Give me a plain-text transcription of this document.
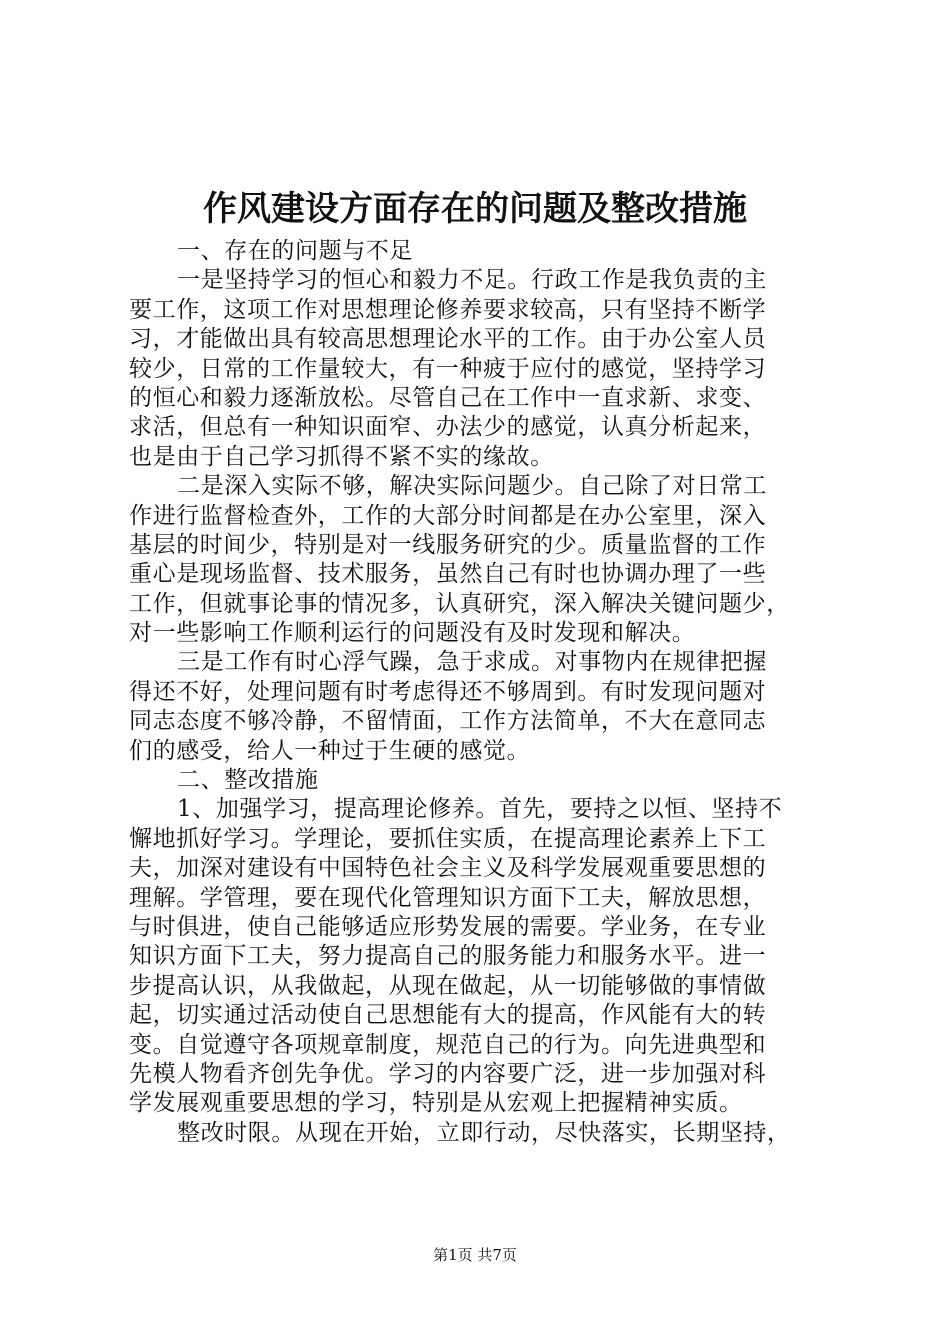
作风建设方面存在的问题及整改措施
一、存在的问题与不足
一是坚持学习的恒心和毅力不足。行政工作是我负责的主
要工作，这项工作对思想理论修养要求较高，只有坚持不断学
习，才能做出具有较高思想理论水平的工作。由于办公室人员
较少，日常的工作量较大，有一种疲于应付的感觉，坚持学习
的恒心和毅力逐渐放松。尽管自己在工作中一直求新、求变、
求活，但总有一种知识面窄、办法少的感觉，认真分析起来，
也是由于自己学习抓得不紧不实的缘故。
二是深入实际不够，解决实际问题少。自己除了对日常工
作进行监督检查外，工作的大部分时间都是在办公室里，深入
基层的时间少，特别是对一线服务研究的少。质量监督的工作
重心是现场监督、技术服务，虽然自己有时也协调办理了一些
工作，但就事论事的情况多，认真研究，深入解决关键问题少，
对一些影响工作顺利运行的问题没有及时发现和解决。
三是工作有时心浮气躁，急于求成。对事物内在规律把握
得还不好，处理问题有时考虑得还不够周到。有时发现问题对
同志态度不够冷静，不留情面，工作方法简单，不大在意同志
们的感受，给人一种过于生硬的感觉。
二、整改措施
1、加强学习，提高理论修养。首先，要持之以恒、坚持不
懈地抓好学习。学理论，要抓住实质，在提高理论素养上下工
夫，加深对建设有中国特色社会主义及科学发展观重要思想的
理解。学管理，要在现代化管理知识方面下工夫，解放思想，
与时俱进，使自己能够适应形势发展的需要。学业务，在专业
知识方面下工夫，努力提高自己的服务能力和服务水平。进一
步提高认识，从我做起，从现在做起，从一切能够做的事情做
起，切实通过活动使自己思想能有大的提高，作风能有大的转
变。自觉遵守各项规章制度，规范自己的行为。向先进典型和
先模人物看齐创先争优。学习的内容要广泛，进一步加强对科
学发展观重要思想的学习，特别是从宏观上把握精神实质。
整改时限。从现在开始，立即行动，尽快落实，长期坚持，
第1页 共7页
